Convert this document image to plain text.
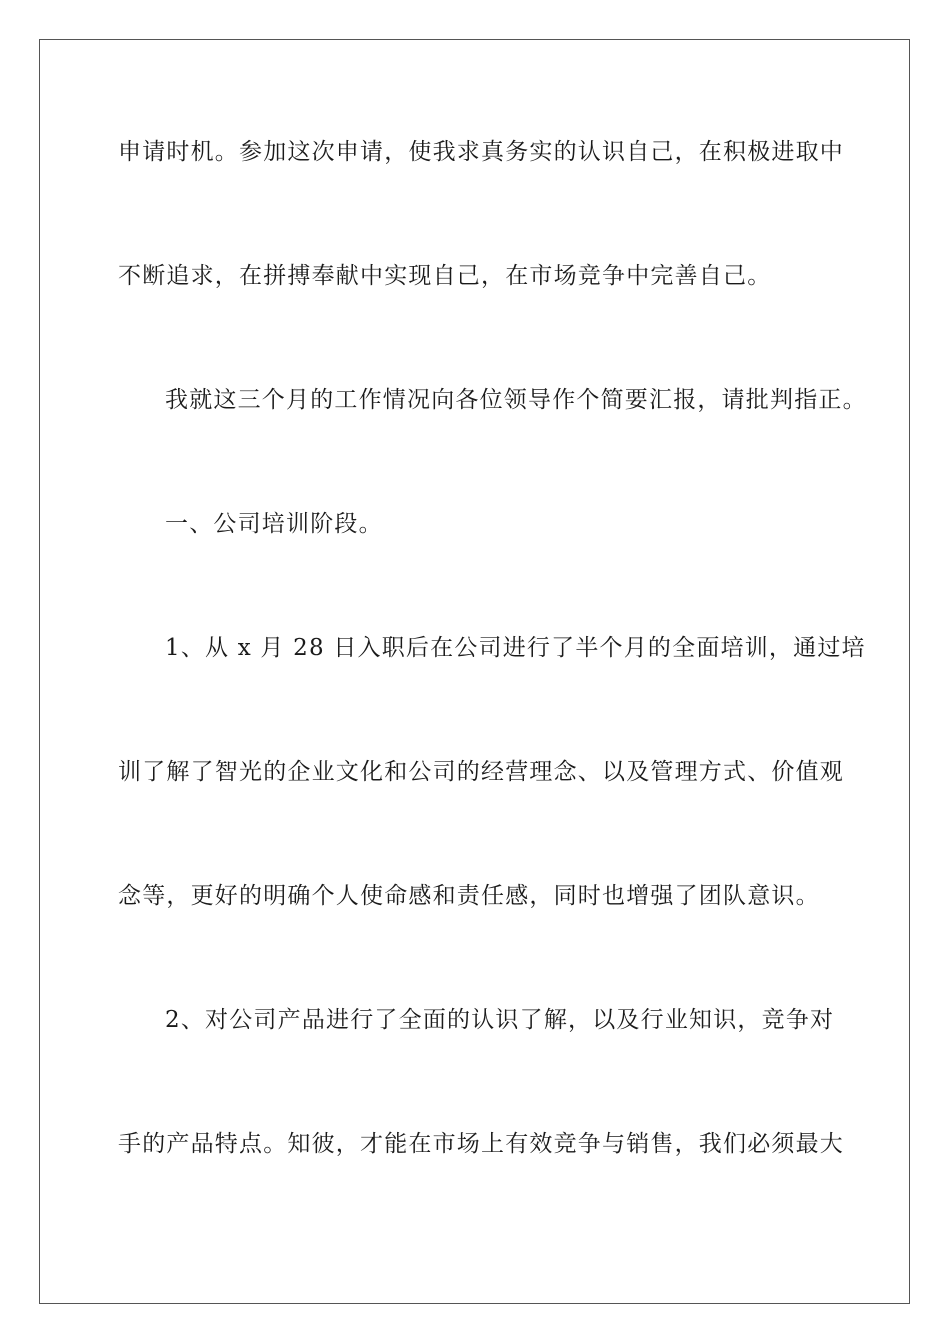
申请时机。参加这次申请，使我求真务实的认识自己，在积极进取中
不断追求，在拼搏奉献中实现自己，在市场竞争中完善自己。
我就这三个月的工作情况向各位领导作个简要汇报，请批判指正。
一、公司培训阶段。
1、从 x 月 28 日入职后在公司进行了半个月的全面培训，通过培
训了解了智光的企业文化和公司的经营理念、以及管理方式、价值观
念等，更好的明确个人使命感和责任感，同时也增强了团队意识。
2、对公司产品进行了全面的认识了解，以及行业知识，竞争对
手的产品特点。知彼，才能在市场上有效竞争与销售，我们必须最大
